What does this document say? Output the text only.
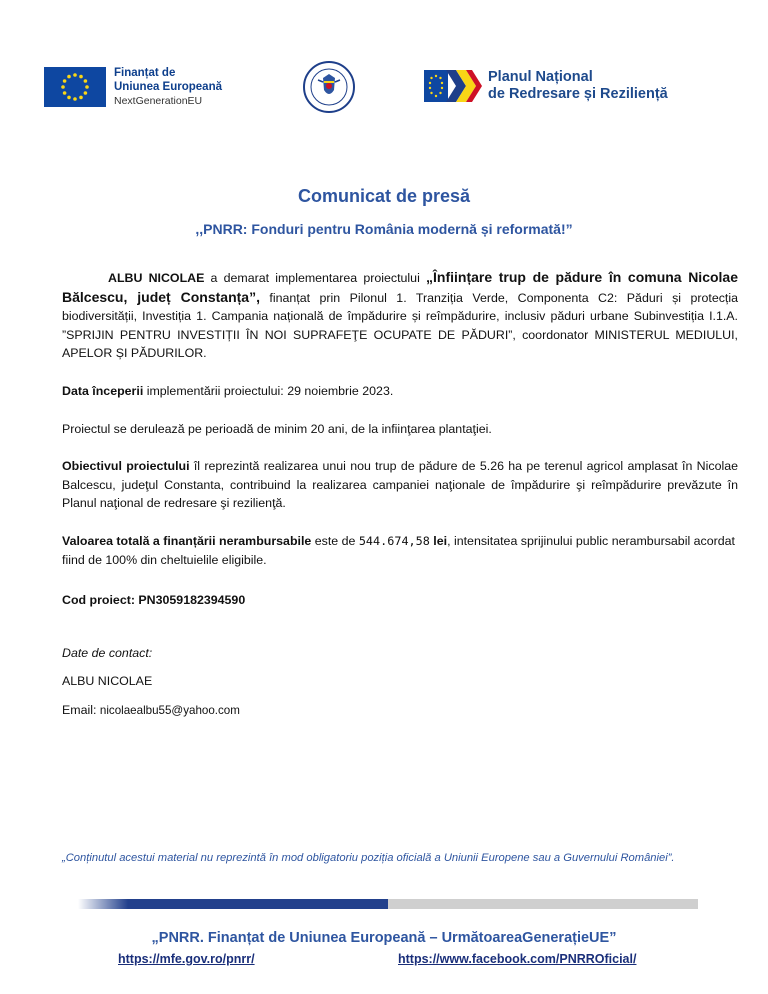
Finanțat de
Uniunea Europeană
NextGenerationEU
Planul Național
de Redresare și Reziliență
Comunicat de presă
,,PNRR: Fonduri pentru România modernă și reformată!”

ALBU NICOLAE a demarat implementarea proiectului „Înființare trup de pădure în comuna Nicolae Bălcescu, județ Constanța”, finanțat prin Pilonul 1. Tranziția Verde, Componenta C2: Păduri și protecția biodiversității, Investiția 1. Campania națională de împădurire și reîmpădurire, inclusiv păduri urbane Subinvestiția I.1.A. ”SPRIJIN PENTRU INVESTIȚII ÎN NOI SUPRAFEŢE OCUPATE DE PĂDURI”, coordonator MINISTERUL MEDIULUI, APELOR ȘI PĂDURILOR.

Data începerii implementării proiectului: 29 noiembrie 2023.

Proiectul se derulează pe perioadă de minim 20 ani, de la infiinţarea plantaţiei.

Obiectivul proiectului îl reprezintă realizarea unui nou trup de pădure de 5.26 ha pe terenul agricol amplasat în Nicolae Balcescu, judeţul Constanta, contribuind la realizarea campaniei naţionale de împădurire şi reîmpădurire prevăzute în Planul naţional de redresare şi rezilienţă.

Valoarea totală a finanțării nerambursabile este de 544.674,58 lei, intensitatea sprijinului public nerambursabil acordat fiind de 100% din cheltuielile eligibile.

Cod proiect: PN3059182394590

Date de contact:

ALBU NICOLAE

Email: nicolaealbu55@yahoo.com

„Conținutul acestui material nu reprezintă în mod obligatoriu poziția oficială a Uniunii Europene sau a Guvernului României”.
„PNRR. Finanțat de Uniunea Europeană – UrmătoareaGenerațieUE”
https://mfe.gov.ro/pnrr/	https://www.facebook.com/PNRROficial/
